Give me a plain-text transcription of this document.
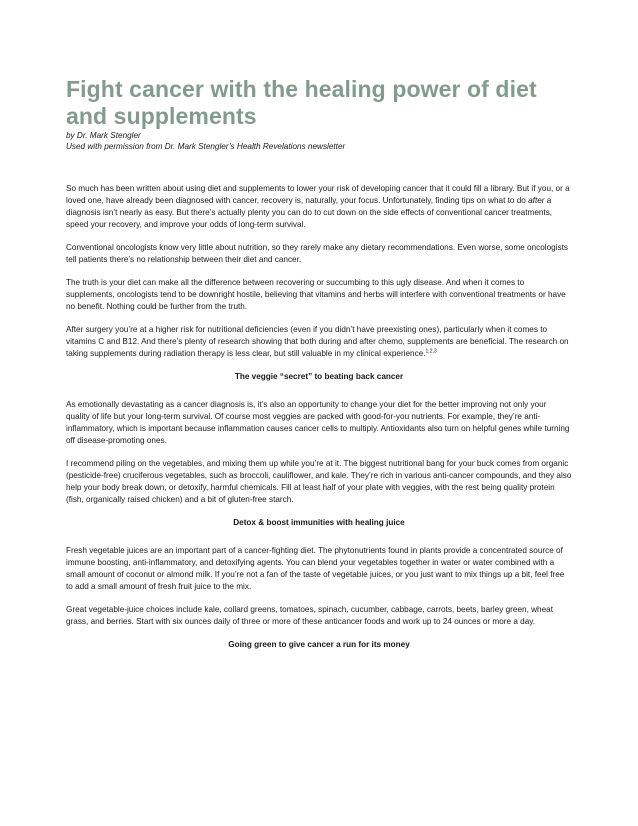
Fight cancer with the healing power of diet and supplements
by Dr. Mark Stengler
Used with permission from Dr. Mark Stengler’s Health Revelations newsletter

So much has been written about using diet and supplements to lower your risk of developing cancer that it could fill a library. But if you, or a loved one, have already been diagnosed with cancer, recovery is, naturally, your focus. Unfortunately, finding tips on what to do after a diagnosis isn’t nearly as easy. But there’s actually plenty you can do to cut down on the side effects of conventional cancer treatments, speed your recovery, and improve your odds of long-term survival.

Conventional oncologists know very little about nutrition, so they rarely make any dietary recommendations. Even worse, some oncologists tell patients there’s no relationship between their diet and cancer.

The truth is your diet can make all the difference between recovering or succumbing to this ugly disease. And when it comes to supplements, oncologists tend to be downright hostile, believing that vitamins and herbs will interfere with conventional treatments or have no benefit. Nothing could be further from the truth.

After surgery you’re at a higher risk for nutritional deficiencies (even if you didn’t have preexisting ones), particularly when it comes to vitamins C and B12. And there’s plenty of research showing that both during and after chemo, supplements are beneficial. The research on taking supplements during radiation therapy is less clear, but still valuable in my clinical experience.$^{1,2,3}$

The veggie “secret” to beating back cancer

As emotionally devastating as a cancer diagnosis is, it’s also an opportunity to change your diet for the better improving not only your quality of life but your long-term survival. Of course most veggies are packed with good-for-you nutrients. For example, they’re anti-inflammatory, which is important because inflammation causes cancer cells to multiply. Antioxidants also turn on helpful genes while turning off disease-promoting ones.

I recommend piling on the vegetables, and mixing them up while you’re at it. The biggest nutritional bang for your buck comes from organic (pesticide-free) cruciferous vegetables, such as broccoli, cauliflower, and kale. They’re rich in various anti-cancer compounds, and they also help your body break down, or detoxify, harmful chemicals. Fill at least half of your plate with veggies, with the rest being quality protein (fish, organically raised chicken) and a bit of gluten-free starch.

Detox & boost immunities with healing juice

Fresh vegetable juices are an important part of a cancer-fighting diet. The phytonutrients found in plants provide a concentrated source of immune boosting, anti-inflammatory, and detoxifying agents. You can blend your vegetables together in water or water combined with a small amount of coconut or almond milk. If you’re not a fan of the taste of vegetable juices, or you just want to mix things up a bit, feel free to add a small amount of fresh fruit juice to the mix.

Great vegetable-juice choices include kale, collard greens, tomatoes, spinach, cucumber, cabbage, carrots, beets, barley green, wheat grass, and berries. Start with six ounces daily of three or more of these anticancer foods and work up to 24 ounces or more a day.

Going green to give cancer a run for its money
